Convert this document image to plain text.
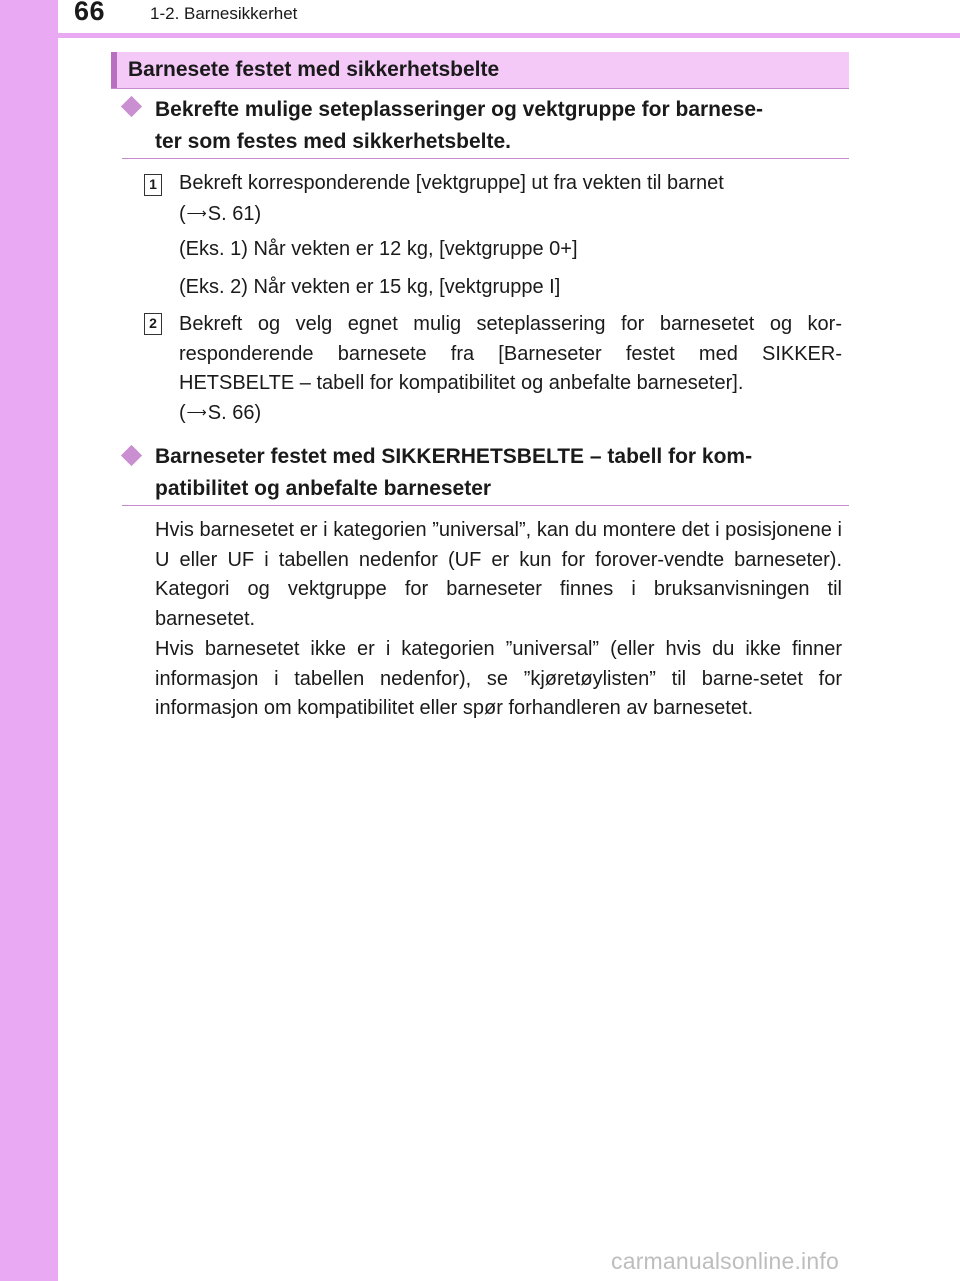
66	1-2. Barnesikkerhet
Barnesete festet med sikkerhetsbelte
Bekrefte mulige seteplasseringer og vektgruppe for barnese-
ter som festes med sikkerhetsbelte.
1 Bekreft korresponderende [vektgruppe] ut fra vekten til barnet
(⟶S. 61)
(Eks. 1) Når vekten er 12 kg, [vektgruppe 0+]
(Eks. 2) Når vekten er 15 kg, [vektgruppe I]
2 Bekreft og velg egnet mulig seteplassering for barnesetet og kor-responderende barnesete fra [Barneseter festet med SIKKER-HETSBELTE – tabell for kompatibilitet og anbefalte barneseter].
(⟶S. 66)
Barneseter festet med SIKKERHETSBELTE – tabell for kom-
patibilitet og anbefalte barneseter
Hvis barnesetet er i kategorien ”universal”, kan du montere det i posisjonene i U eller UF i tabellen nedenfor (UF er kun for forover-vendte barneseter). Kategori og vektgruppe for barneseter finnes i bruksanvisningen til barnesetet.
Hvis barnesetet ikke er i kategorien ”universal” (eller hvis du ikke finner informasjon i tabellen nedenfor), se ”kjøretøylisten” til barne-setet for informasjon om kompatibilitet eller spør forhandleren av barnesetet.
carmanualsonline.info
